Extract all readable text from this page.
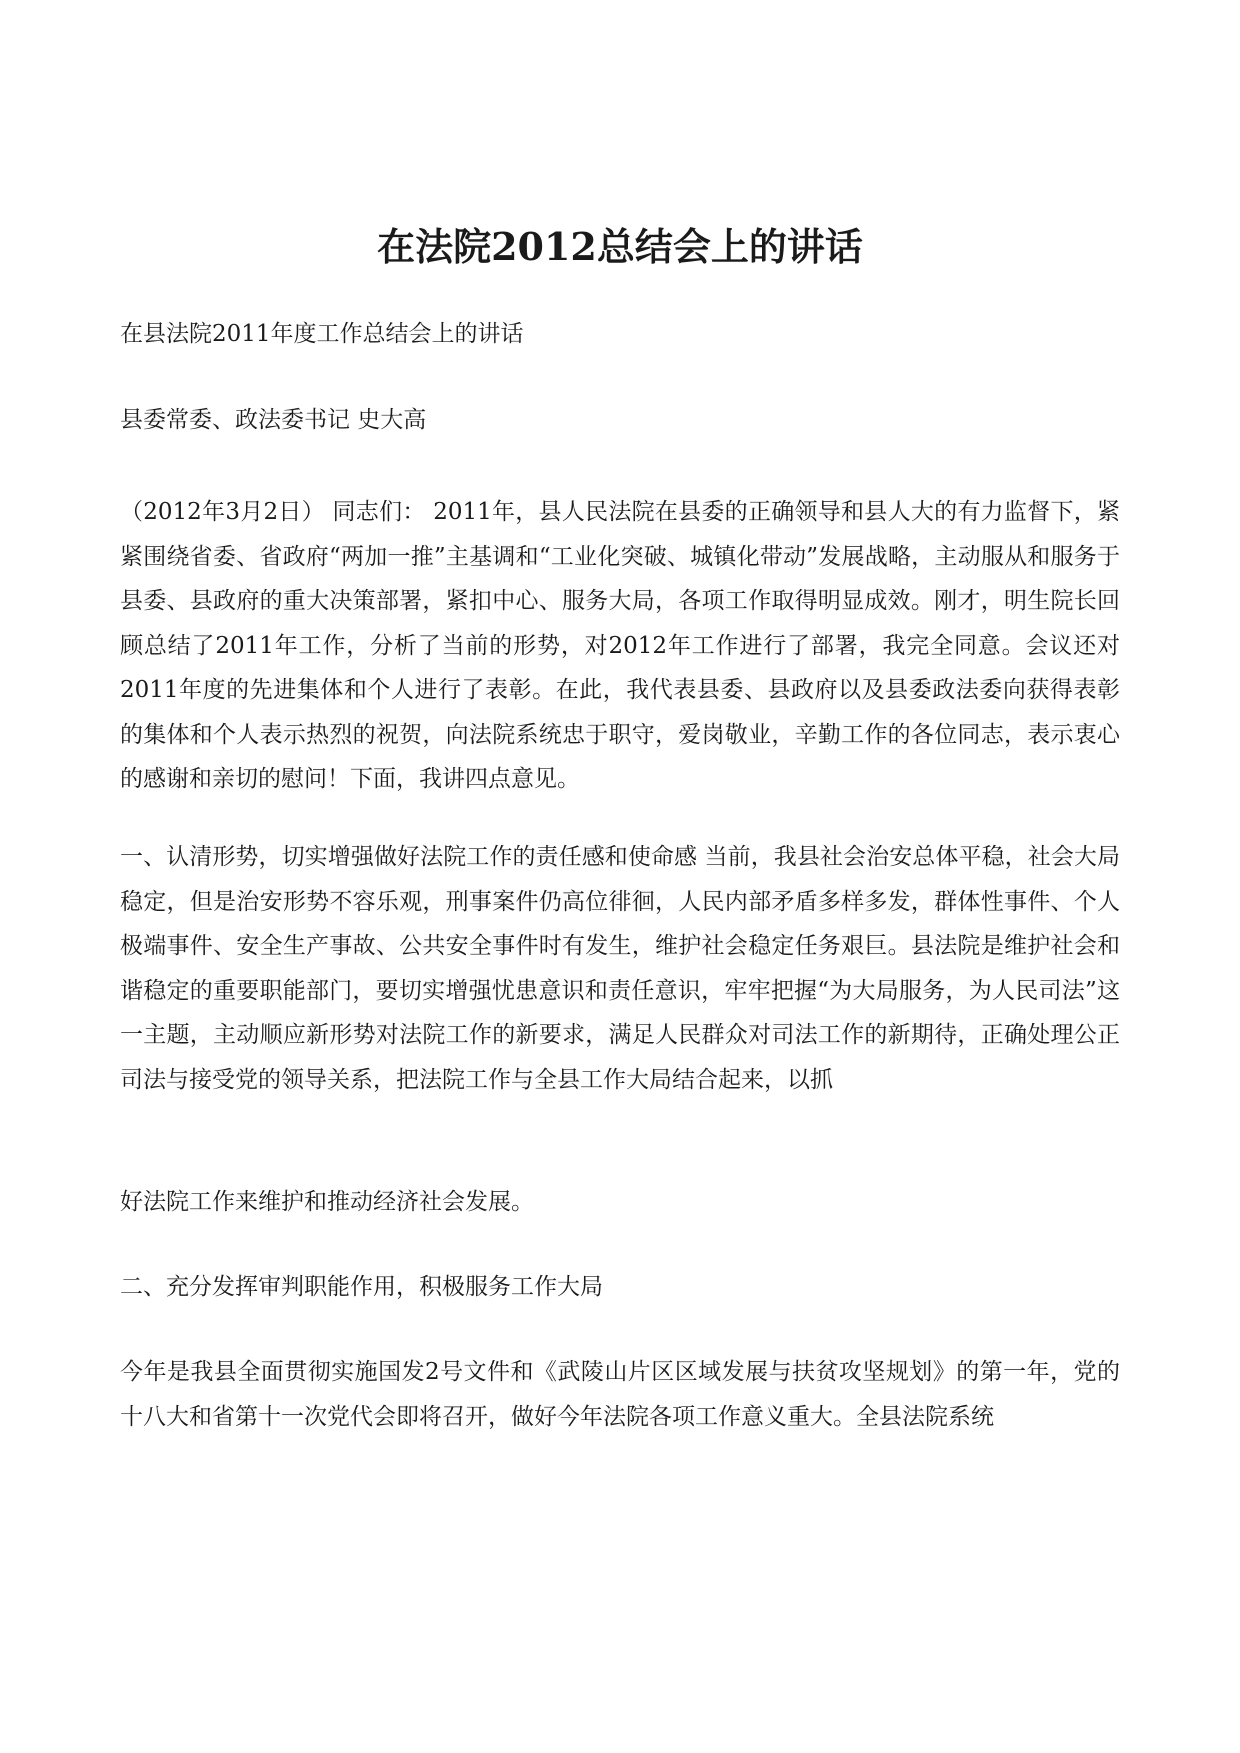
在法院2012总结会上的讲话

在县法院2011年度工作总结会上的讲话

县委常委、政法委书记 史大高

（2012年3月2日） 同志们： 2011年，县人民法院在县委的正确领导和县人大的有力监督下，紧紧围绕省委、省政府“两加一推”主基调和“工业化突破、城镇化带动”发展战略，主动服从和服务于县委、县政府的重大决策部署，紧扣中心、服务大局，各项工作取得明显成效。刚才，明生院长回顾总结了2011年工作，分析了当前的形势，对2012年工作进行了部署，我完全同意。会议还对2011年度的先进集体和个人进行了表彰。在此，我代表县委、县政府以及县委政法委向获得表彰的集体和个人表示热烈的祝贺，向法院系统忠于职守，爱岗敬业，辛勤工作的各位同志，表示衷心的感谢和亲切的慰问！下面，我讲四点意见。

一、认清形势，切实增强做好法院工作的责任感和使命感 当前，我县社会治安总体平稳，社会大局稳定，但是治安形势不容乐观，刑事案件仍高位徘徊，人民内部矛盾多样多发，群体性事件、个人极端事件、安全生产事故、公共安全事件时有发生，维护社会稳定任务艰巨。县法院是维护社会和谐稳定的重要职能部门，要切实增强忧患意识和责任意识，牢牢把握“为大局服务，为人民司法”这一主题，主动顺应新形势对法院工作的新要求，满足人民群众对司法工作的新期待，正确处理公正司法与接受党的领导关系，把法院工作与全县工作大局结合起来，以抓

好法院工作来维护和推动经济社会发展。

二、充分发挥审判职能作用，积极服务工作大局

今年是我县全面贯彻实施国发2号文件和《武陵山片区区域发展与扶贫攻坚规划》的第一年，党的十八大和省第十一次党代会即将召开，做好今年法院各项工作意义重大。全县法院系统
